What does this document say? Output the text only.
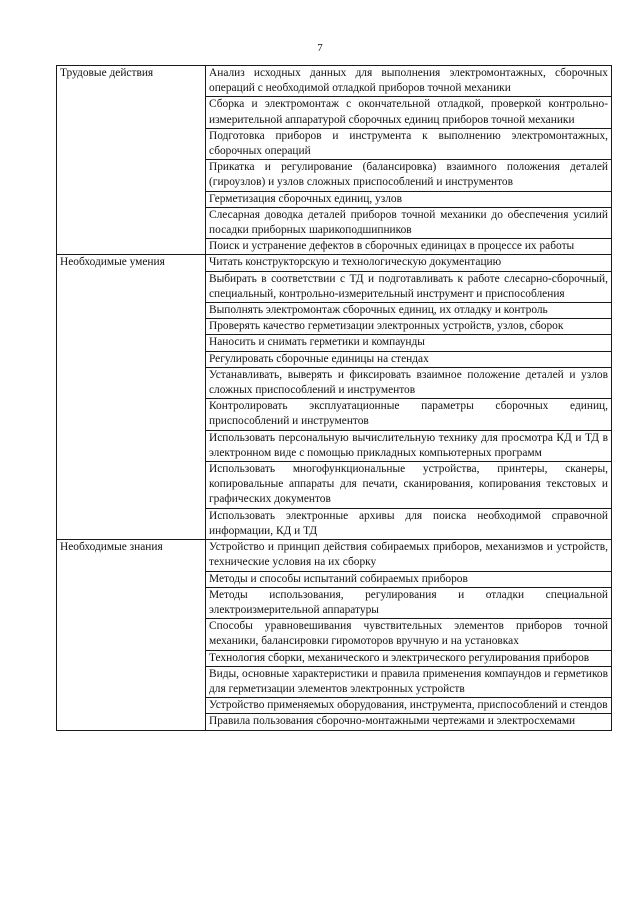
7
Трудовые действия	Анализ исходных данных для выполнения электромонтажных, сборочных операций с необходимой отладкой приборов точной механики
	Сборка и электромонтаж с окончательной отладкой, проверкой контрольно-измерительной аппаратурой сборочных единиц приборов точной механики
	Подготовка приборов и инструмента к выполнению электромонтажных, сборочных операций
	Прикатка и регулирование (балансировка) взаимного положения деталей (гироузлов) и узлов сложных приспособлений и инструментов
	Герметизация сборочных единиц, узлов
	Слесарная доводка деталей приборов точной механики до обеспечения усилий посадки приборных шарикоподшипников
	Поиск и устранение дефектов в сборочных единицах в процессе их работы
Необходимые умения	Читать конструкторскую и технологическую документацию
	Выбирать в соответствии с ТД и подготавливать к работе слесарно-сборочный, специальный, контрольно-измерительный инструмент и приспособления
	Выполнять электромонтаж сборочных единиц, их отладку и контроль
	Проверять качество герметизации электронных устройств, узлов, сборок
	Наносить и снимать герметики и компаунды
	Регулировать сборочные единицы на стендах
	Устанавливать, выверять и фиксировать взаимное положение деталей и узлов сложных приспособлений и инструментов
	Контролировать эксплуатационные параметры сборочных единиц, приспособлений и инструментов
	Использовать персональную вычислительную технику для просмотра КД и ТД в электронном виде с помощью прикладных компьютерных программ
	Использовать многофункциональные устройства, принтеры, сканеры, копировальные аппараты для печати, сканирования, копирования текстовых и графических документов
	Использовать электронные архивы для поиска необходимой справочной информации, КД и ТД
Необходимые знания	Устройство и принцип действия собираемых приборов, механизмов и устройств, технические условия на их сборку
	Методы и способы испытаний собираемых приборов
	Методы использования, регулирования и отладки специальной электроизмерительной аппаратуры
	Способы уравновешивания чувствительных элементов приборов точной механики, балансировки гиромоторов вручную и на установках
	Технология сборки, механического и электрического регулирования приборов
	Виды, основные характеристики и правила применения компаундов и герметиков для герметизации элементов электронных устройств
	Устройство применяемых оборудования, инструмента, приспособлений и стендов
	Правила пользования сборочно-монтажными чертежами и электросхемами
